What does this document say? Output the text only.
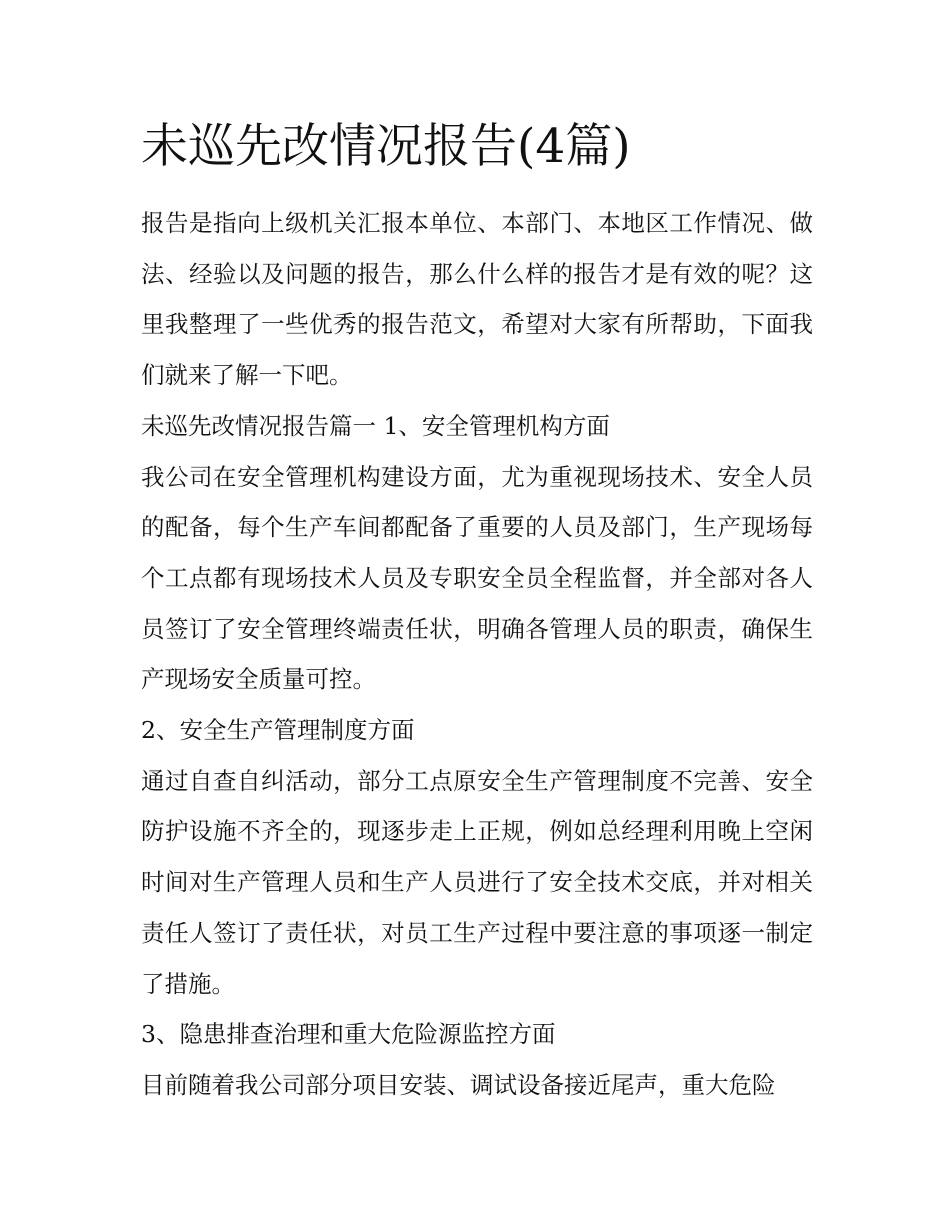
未巡先改情况报告(4篇)

报告是指向上级机关汇报本单位、本部门、本地区工作情况、做法、经验以及问题的报告，那么什么样的报告才是有效的呢？这里我整理了一些优秀的报告范文，希望对大家有所帮助，下面我们就来了解一下吧。

未巡先改情况报告篇一 1、安全管理机构方面

我公司在安全管理机构建设方面，尤为重视现场技术、安全人员的配备，每个生产车间都配备了重要的人员及部门，生产现场每个工点都有现场技术人员及专职安全员全程监督，并全部对各人员签订了安全管理终端责任状，明确各管理人员的职责，确保生产现场安全质量可控。

2、安全生产管理制度方面

通过自查自纠活动，部分工点原安全生产管理制度不完善、安全防护设施不齐全的，现逐步走上正规，例如总经理利用晚上空闲时间对生产管理人员和生产人员进行了安全技术交底，并对相关责任人签订了责任状，对员工生产过程中要注意的事项逐一制定了措施。

3、隐患排查治理和重大危险源监控方面

目前随着我公司部分项目安装、调试设备接近尾声，重大危险
